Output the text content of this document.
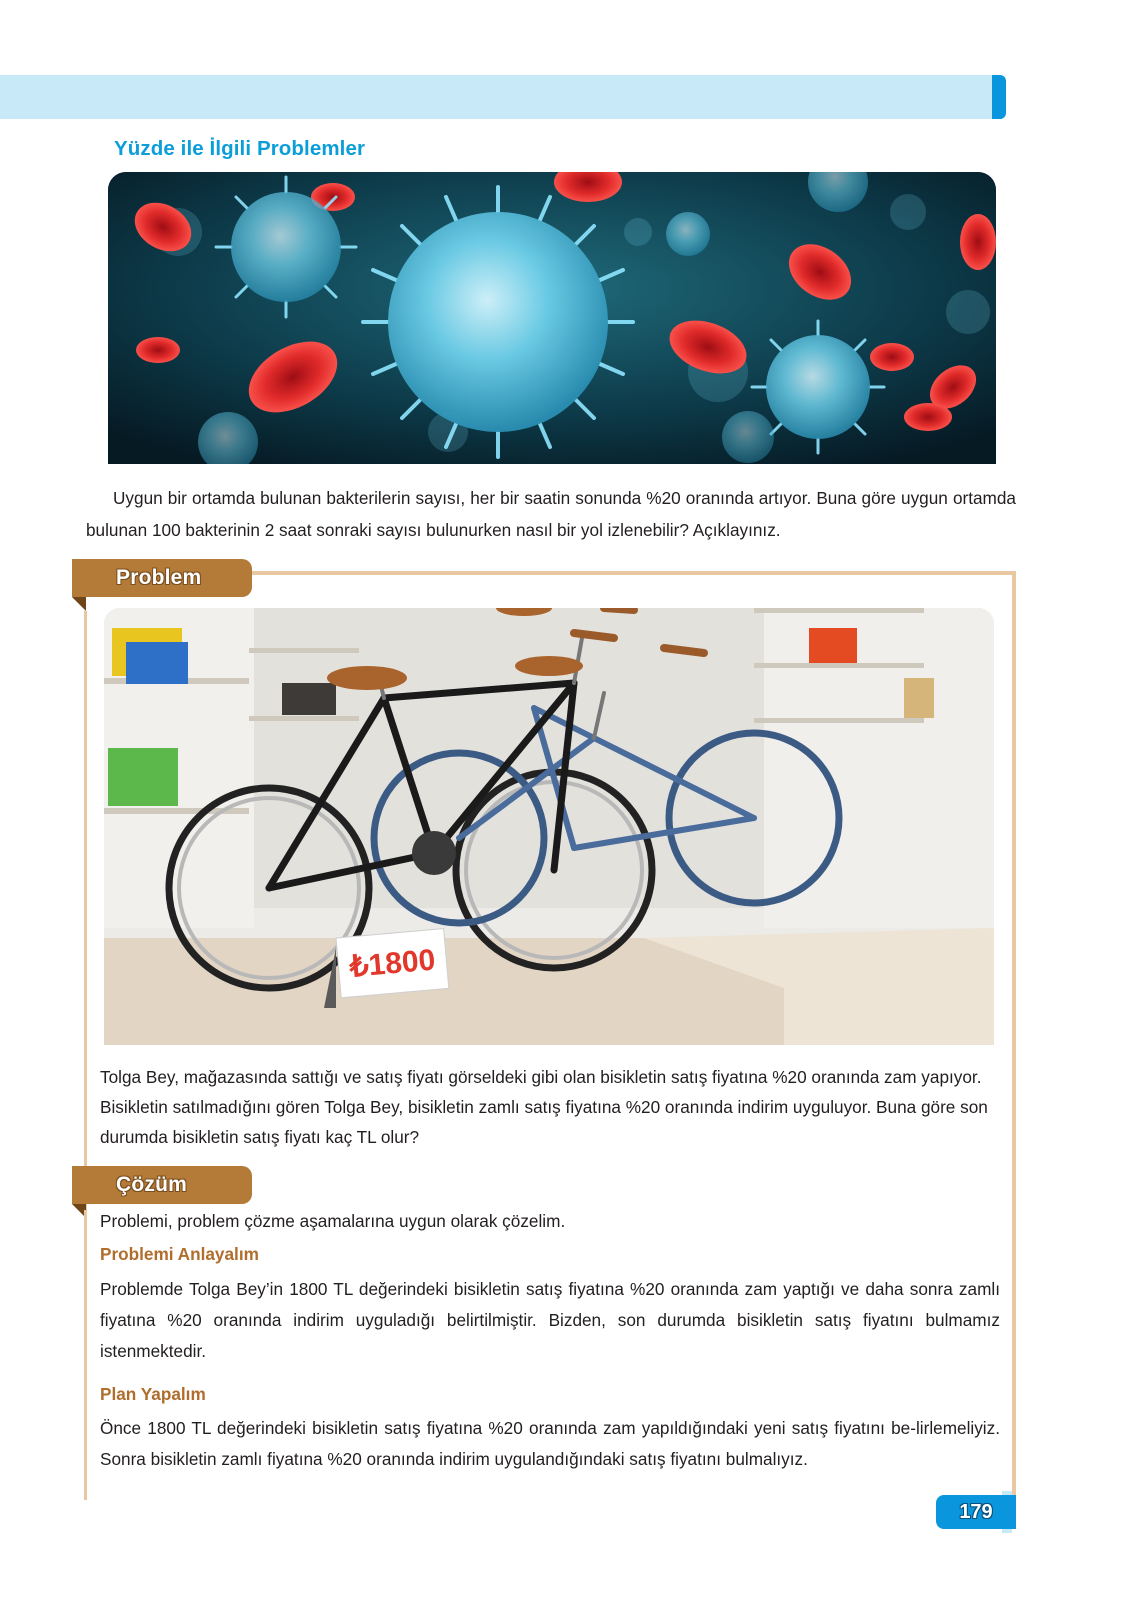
Yüzde ile İlgili Problemler
Uygun bir ortamda bulunan bakterilerin sayısı, her bir saatin sonunda %20 oranında artıyor. Buna göre uygun ortamda bulunan 100 bakterinin 2 saat sonraki sayısı bulunurken nasıl bir yol izlenebilir? Açıklayınız.
Problem
₺1800
Tolga Bey, mağazasında sattığı ve satış fiyatı görseldeki gibi olan bisikletin satış fiyatına %20 oranında zam yapıyor. Bisikletin satılmadığını gören Tolga Bey, bisikletin zamlı satış fiyatına %20 oranında indirim uyguluyor. Buna göre son durumda bisikletin satış fiyatı kaç TL olur?
Çözüm
Problemi, problem çözme aşamalarına uygun olarak çözelim.
Problemi Anlayalım
Problemde Tolga Bey’in 1800 TL değerindeki bisikletin satış fiyatına %20 oranında zam yaptığı ve daha sonra zamlı fiyatına %20 oranında indirim uyguladığı belirtilmiştir. Bizden, son durumda bisikletin satış fiyatını bulmamız istenmektedir.
Plan Yapalım
Önce 1800 TL değerindeki bisikletin satış fiyatına %20 oranında zam yapıldığındaki yeni satış fiyatını be-lirlemeliyiz. Sonra bisikletin zamlı fiyatına %20 oranında indirim uygulandığındaki satış fiyatını bulmalıyız.
179
